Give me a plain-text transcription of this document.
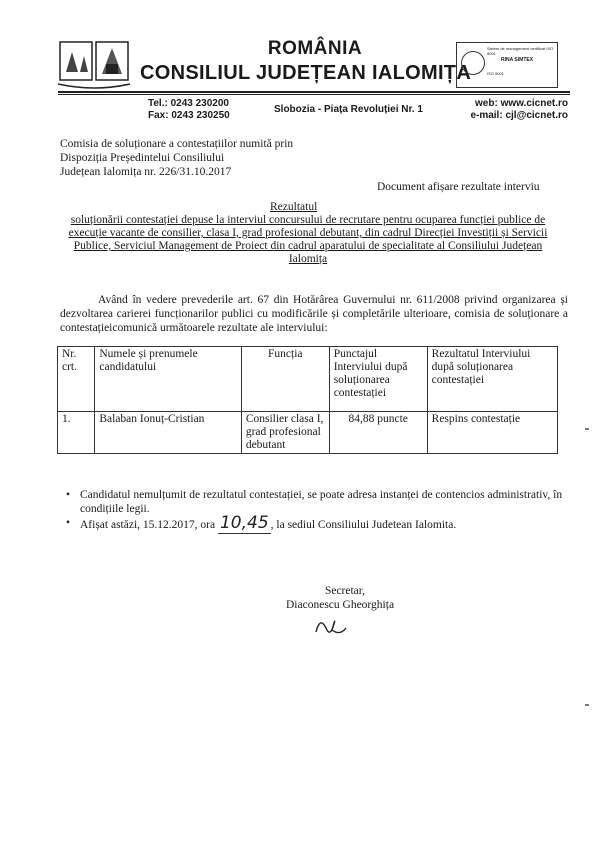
ROMÂNIA
CONSILIUL JUDEȚEAN IALOMIȚA
Sistem de management certificat ISO 9001
RINA SIMTEX
ISO 9001
Tel.: 0243 230200
Fax: 0243 230250
Slobozia - Piața Revoluției Nr. 1
web: www.cicnet.ro
e-mail: cjl@cicnet.ro
Comisia de soluționare a contestațiilor numită prin
Dispoziția Președintelui Consiliului
Județean Ialomița nr. 226/31.10.2017
Document afișare rezultate interviu
Rezultatul
soluționării contestației depuse la interviul concursului de recrutare pentru ocuparea funcției publice de execuție vacante de consilier, clasa I, grad profesional debutant, din cadrul Direcției Investiții și Servicii Publice, Serviciul Management de Proiect din cadrul aparatului de specialitate al Consiliului Județean Ialomița
Având în vedere prevederile art. 67 din Hotărârea Guvernului nr. 611/2008 privind organizarea și dezvoltarea carierei funcționarilor publici cu modificările și completările ulterioare, comisia de soluționare a contestațieicomunică următoarele rezultate ale interviului:
Nr. crt.	Numele și prenumele candidatului	Funcția	Punctajul Interviului după soluționarea contestației	Rezultatul Interviului după soluționarea contestației
1.	Balaban Ionuț-Cristian	Consilier clasa I, grad profesional debutant	84,88 puncte	Respins contestație
• Candidatul nemulțumit de rezultatul contestației, se poate adresa instanței de contencios administrativ, în condițiile legii.
• Afișat astăzi, 15.12.2017, ora 10,45 , la sediul Consiliului Judetean Ialomita.
Secretar,
Diaconescu Gheorghița
